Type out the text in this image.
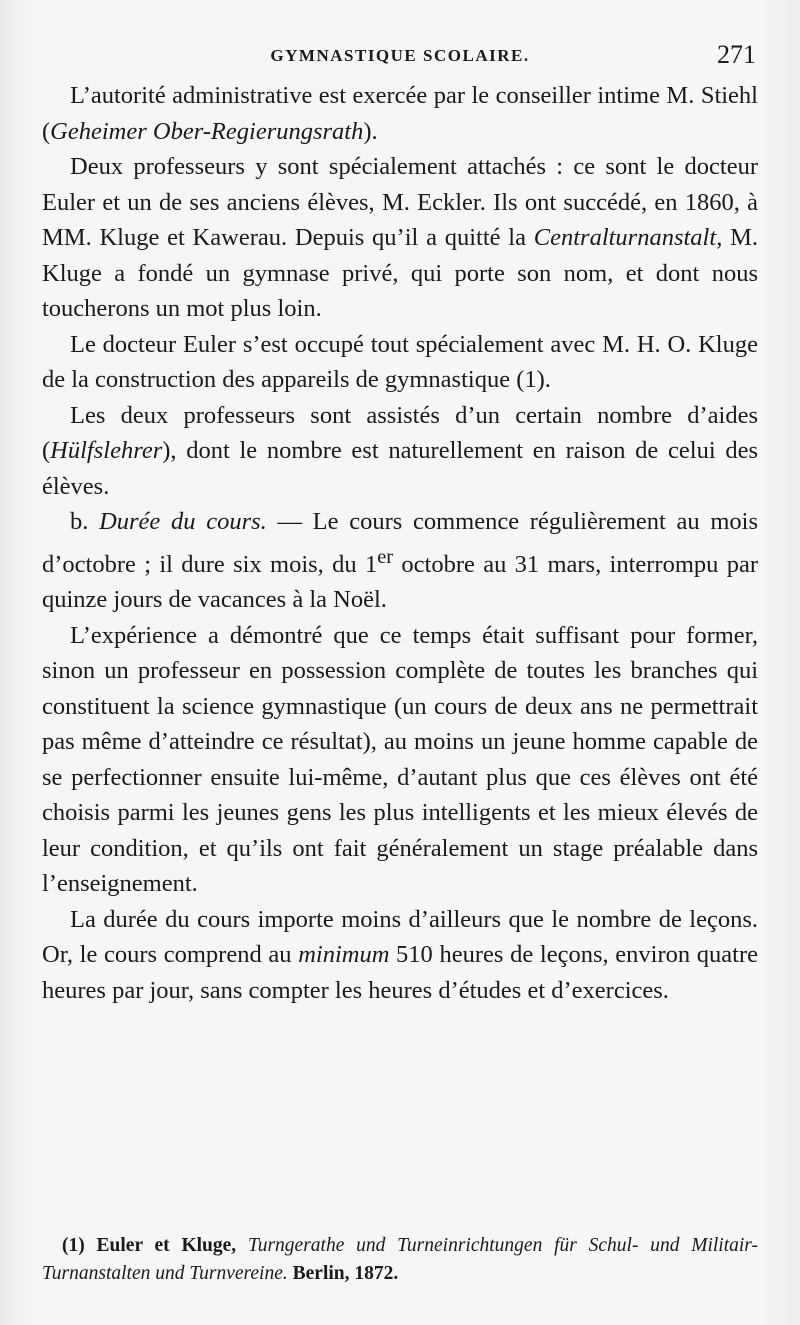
GYMNASTIQUE SCOLAIRE.	271

L’autorité administrative est exercée par le conseiller intime M. Stiehl (Geheimer Ober-Regierungsrath).

Deux professeurs y sont spécialement attachés : ce sont le docteur Euler et un de ses anciens élèves, M. Eckler. Ils ont succédé, en 1860, à MM. Kluge et Kawerau. Depuis qu’il a quitté la Centralturnanstalt, M. Kluge a fondé un gymnase privé, qui porte son nom, et dont nous toucherons un mot plus loin.

Le docteur Euler s’est occupé tout spécialement avec M. H. O. Kluge de la construction des appareils de gymnastique (1).

Les deux professeurs sont assistés d’un certain nombre d’aides (Hülfslehrer), dont le nombre est naturellement en raison de celui des élèves.

b. Durée du cours. — Le cours commence régulièrement au mois d’octobre ; il dure six mois, du 1er octobre au 31 mars, interrompu par quinze jours de vacances à la Noël.

L’expérience a démontré que ce temps était suffisant pour former, sinon un professeur en possession complète de toutes les branches qui constituent la science gymnastique (un cours de deux ans ne permettrait pas même d’atteindre ce résultat), au moins un jeune homme capable de se perfectionner ensuite lui-même, d’autant plus que ces élèves ont été choisis parmi les jeunes gens les plus intelligents et les mieux élevés de leur condition, et qu’ils ont fait généralement un stage préalable dans l’enseignement.

La durée du cours importe moins d’ailleurs que le nombre de leçons. Or, le cours comprend au minimum 510 heures de leçons, environ quatre heures par jour, sans compter les heures d’études et d’exercices.

(1) Euler et Kluge, Turngerathe und Turneinrichtungen für Schul- und Militair-Turnanstalten und Turnvereine. Berlin, 1872.
